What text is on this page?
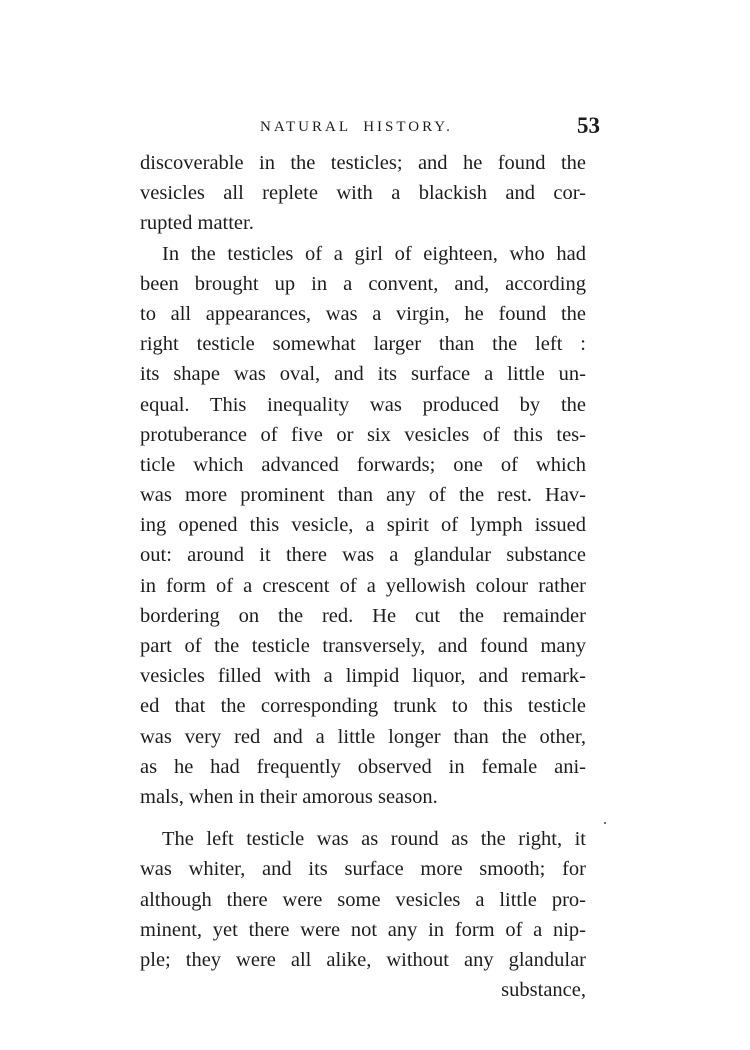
NATURAL HISTORY.	53
discoverable in the testicles; and he found the
vesicles all replete with a blackish and cor-
rupted matter.
In the testicles of a girl of eighteen, who had
been brought up in a convent, and, according
to all appearances, was a virgin, he found the
right testicle somewhat larger than the left :
its shape was oval, and its surface a little un-
equal. This inequality was produced by the
protuberance of five or six vesicles of this tes-
ticle which advanced forwards; one of which
was more prominent than any of the rest. Hav-
ing opened this vesicle, a spirit of lymph issued
out: around it there was a glandular substance
in form of a crescent of a yellowish colour rather
bordering on the red. He cut the remainder
part of the testicle transversely, and found many
vesicles filled with a limpid liquor, and remark-
ed that the corresponding trunk to this testicle
was very red and a little longer than the other,
as he had frequently observed in female ani-
mals, when in their amorous season.
The left testicle was as round as the right, it
was whiter, and its surface more smooth; for
although there were some vesicles a little pro-
minent, yet there were not any in form of a nip-
ple; they were all alike, without any glandular
substance,
